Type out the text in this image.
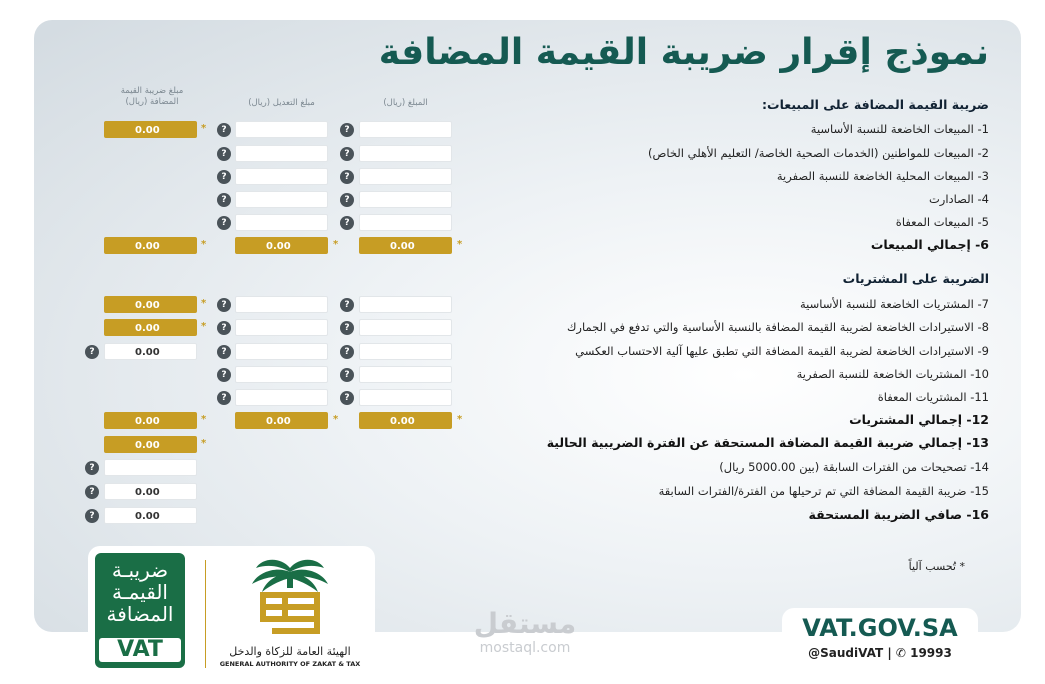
نموذج إقرار ضريبة القيمة المضافة
المبلغ (ريال)
مبلغ التعديل (ريال)
مبلغ ضريبة القيمة
المضافة (ريال)	ضريبة القيمة المضافة على المبيعات:
الضريبة على المشتريات
1- المبيعات الخاضعة للنسبة الأساسية
2- المبيعات للمواطنين (الخدمات الصحية الخاصة/ التعليم الأهلي الخاص)
3- المبيعات المحلية الخاضعة للنسبة الصفرية
4- الصادارت
5- المبيعات المعفاة
6- إجمالي المبيعات
7- المشتريات الخاضعة للنسبة الأساسية
8- الاستيرادات الخاضعة لضريبة القيمة المضافة بالنسبة الأساسية والتي تدفع في الجمارك
9- الاستيرادات الخاضعة لضريبة القيمة المضافة التي تطبق عليها آلية الاحتساب العكسي
10- المشتريات الخاضعة للنسبة الصفرية
11- المشتريات المعفاة
12- إجمالي المشتريات
13- إجمالي ضريبة القيمة المضافة المستحقة عن الفترة الضريبية الحالية
14- تصحيحات من الفترات السابقة (بين 5000.00 ريال)
15- ضريبة القيمة المضافة التي تم ترحيلها من الفترة/الفترات السابقة
16- صافي الضريبة المستحقة
?
?
*
0.00
?
?
?
?
?
?
?
?
*
0.00
*
0.00
*
0.00
?
?
*
0.00
?
?
*
0.00
?
?
0.00
?
?
?
?
?
*
0.00
*
0.00
*
0.00
*
0.00
?
0.00
?
0.00
?
* تُحسب آلياً
ضريبـة
القيمـة
المضافة
VAT	الهيئة العامة للزكاة والدخل
GENERAL AUTHORITY OF ZAKAT & TAX
مستقل
mostaql.com
VAT.GOV.SA
@SaudiVAT | ✆ 19993
